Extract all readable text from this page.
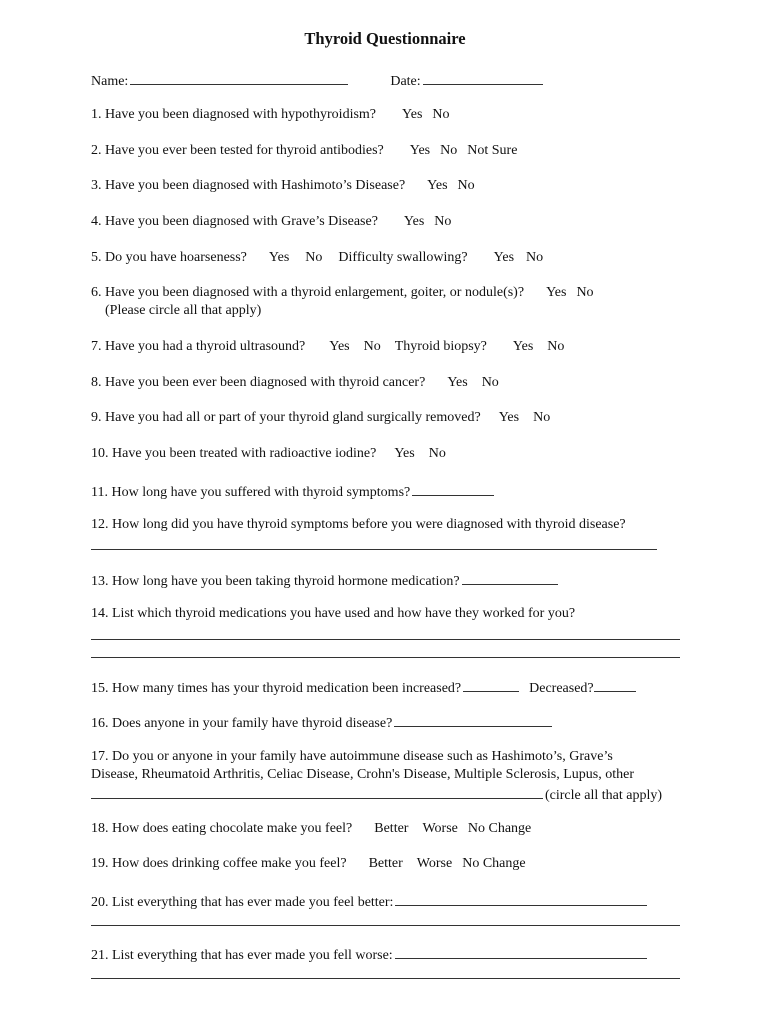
Thyroid Questionnaire
Name:	Date:
1. Have you been diagnosed with hypothyroidism? Yes No
2. Have you ever been tested for thyroid antibodies? Yes No Not Sure
3. Have you been diagnosed with Hashimoto’s Disease? Yes No
4. Have you been diagnosed with Grave’s Disease? Yes No
5. Do you have hoarseness? Yes No Difficulty swallowing? Yes No
6. Have you been diagnosed with a thyroid enlargement, goiter, or nodule(s)? Yes No
(Please circle all that apply)
7. Have you had a thyroid ultrasound? Yes No Thyroid biopsy? Yes No
8. Have you been ever been diagnosed with thyroid cancer? Yes No
9. Have you had all or part of your thyroid gland surgically removed? Yes No
10. Have you been treated with radioactive iodine? Yes No
11. How long have you suffered with thyroid symptoms?
12. How long did you have thyroid symptoms before you were diagnosed with thyroid disease?
13. How long have you been taking thyroid hormone medication?
14. List which thyroid medications you have used and how have they worked for you?
15. How many times has your thyroid medication been increased?	Decreased?
16. Does anyone in your family have thyroid disease?
17. Do you or anyone in your family have autoimmune disease such as Hashimoto’s, Grave’s
Disease, Rheumatoid Arthritis, Celiac Disease, Crohn's Disease, Multiple Sclerosis, Lupus, other
(circle all that apply)
18. How does eating chocolate make you feel? Better Worse No Change
19. How does drinking coffee make you feel? Better Worse No Change
20. List everything that has ever made you feel better:
21. List everything that has ever made you fell worse:
